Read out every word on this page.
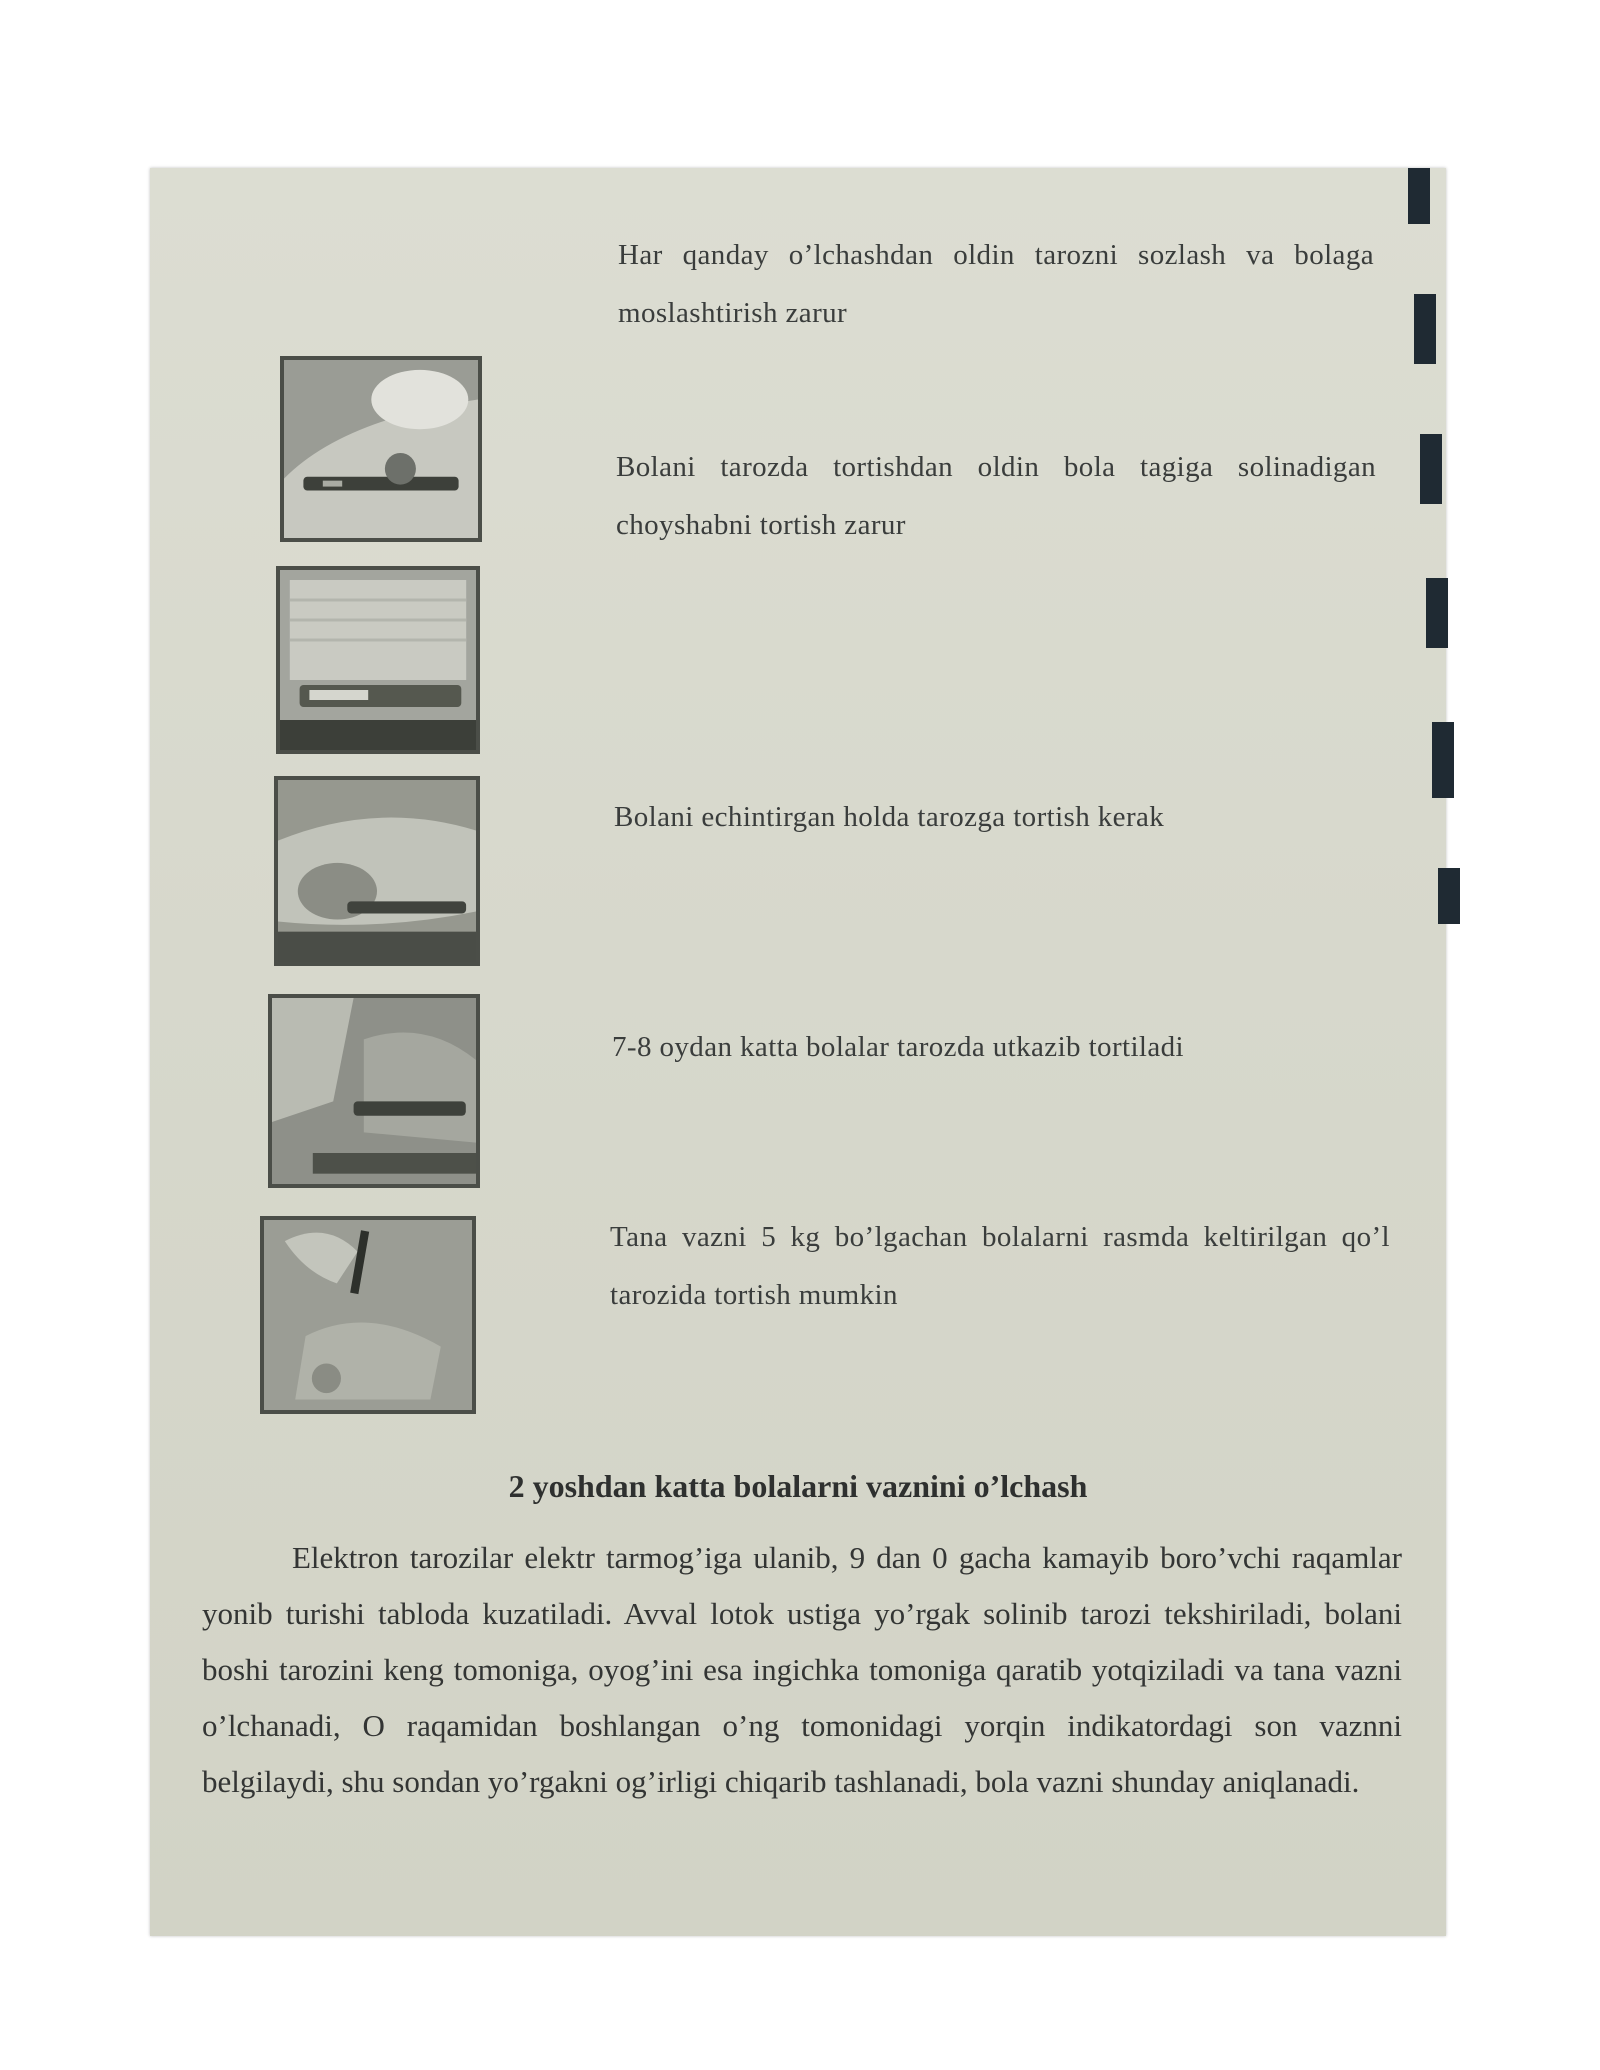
Har qanday o’lchashdan oldin tarozni sozlash va bolaga moslashtirish zarur
Bolani tarozda tortishdan oldin bola tagiga solinadigan choyshabni tortish zarur
Bolani echintirgan holda tarozga tortish kerak
7-8 oydan katta bolalar tarozda utkazib tortiladi
Tana vazni 5 kg bo’lgachan bolalarni rasmda keltirilgan qo’l tarozida tortish mumkin
2 yoshdan katta bolalarni vaznini o’lchash
Elektron tarozilar elektr tarmog’iga ulanib, 9 dan 0 gacha kamayib boro’vchi raqamlar yonib turishi tabloda kuzatiladi. Avval lotok ustiga yo’rgak solinib tarozi tekshiriladi, bolani boshi tarozini keng tomoniga, oyog’ini esa ingichka tomoniga qaratib yotqiziladi va tana vazni o’lchanadi, O raqamidan boshlangan o’ng tomonidagi yorqin indikatordagi son vaznni belgilaydi, shu sondan yo’rgakni og’irligi chiqarib tashlanadi, bola vazni shunday aniqlanadi.
